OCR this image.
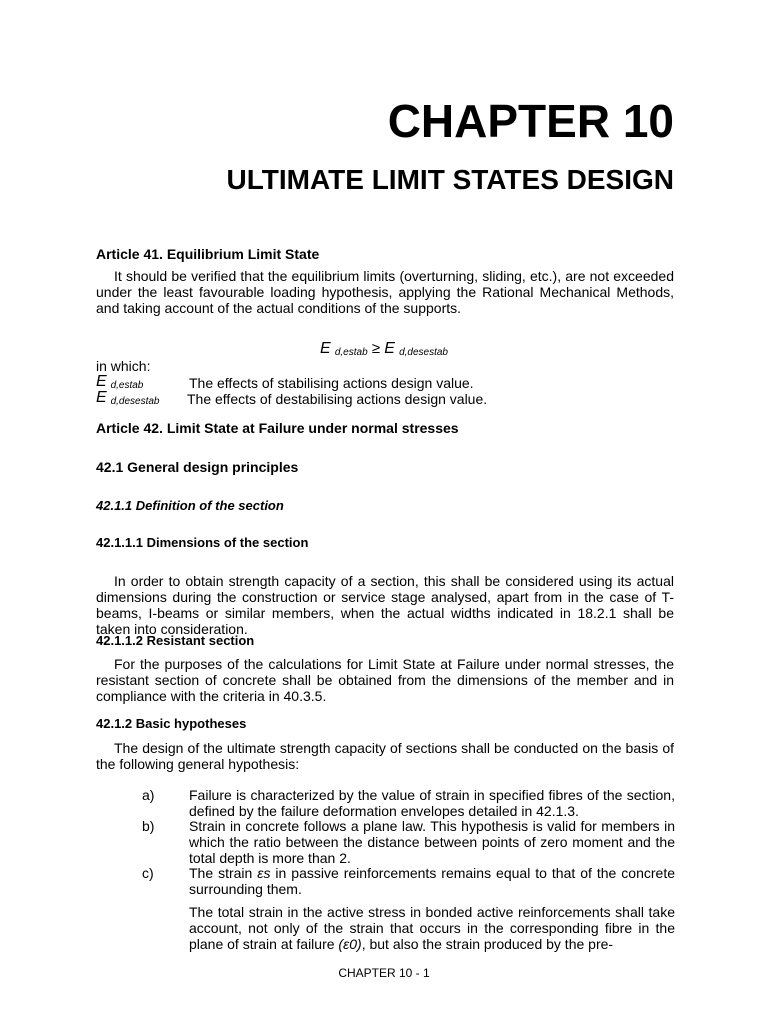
CHAPTER 10
ULTIMATE LIMIT STATES DESIGN
Article 41. Equilibrium Limit State
It should be verified that the equilibrium limits (overturning, sliding, etc.), are not exceeded under the least favourable loading hypothesis, applying the Rational Mechanical Methods, and taking account of the actual conditions of the supports.
E $_{d,estab}$ ≥ E $_{d,desestab}$
in which:
E $_{d,estab}$	The effects of stabilising actions design value.
E $_{d,desestab}$ The effects of destabilising actions design value.
Article 42. Limit State at Failure under normal stresses
42.1 General design principles
42.1.1 Definition of the section
42.1.1.1 Dimensions of the section
In order to obtain strength capacity of a section, this shall be considered using its actual dimensions during the construction or service stage analysed, apart from in the case of T-beams, I-beams or similar members, when the actual widths indicated in 18.2.1 shall be taken into consideration.
42.1.1.2 Resistant section
For the purposes of the calculations for Limit State at Failure under normal stresses, the resistant section of concrete shall be obtained from the dimensions of the member and in compliance with the criteria in 40.3.5.
42.1.2 Basic hypotheses
The design of the ultimate strength capacity of sections shall be conducted on the basis of the following general hypothesis:
a) Failure is characterized by the value of strain in specified fibres of the section, defined by the failure deformation envelopes detailed in 42.1.3.
b) Strain in concrete follows a plane law. This hypothesis is valid for members in which the ratio between the distance between points of zero moment and the total depth is more than 2.
c)	The strain εs in passive reinforcements remains equal to that of the concrete surrounding them.
The total strain in the active stress in bonded active reinforcements shall take account, not only of the strain that occurs in the corresponding fibre in the plane of strain at failure (ε0), but also the strain produced by the pre-
CHAPTER 10 - 1
